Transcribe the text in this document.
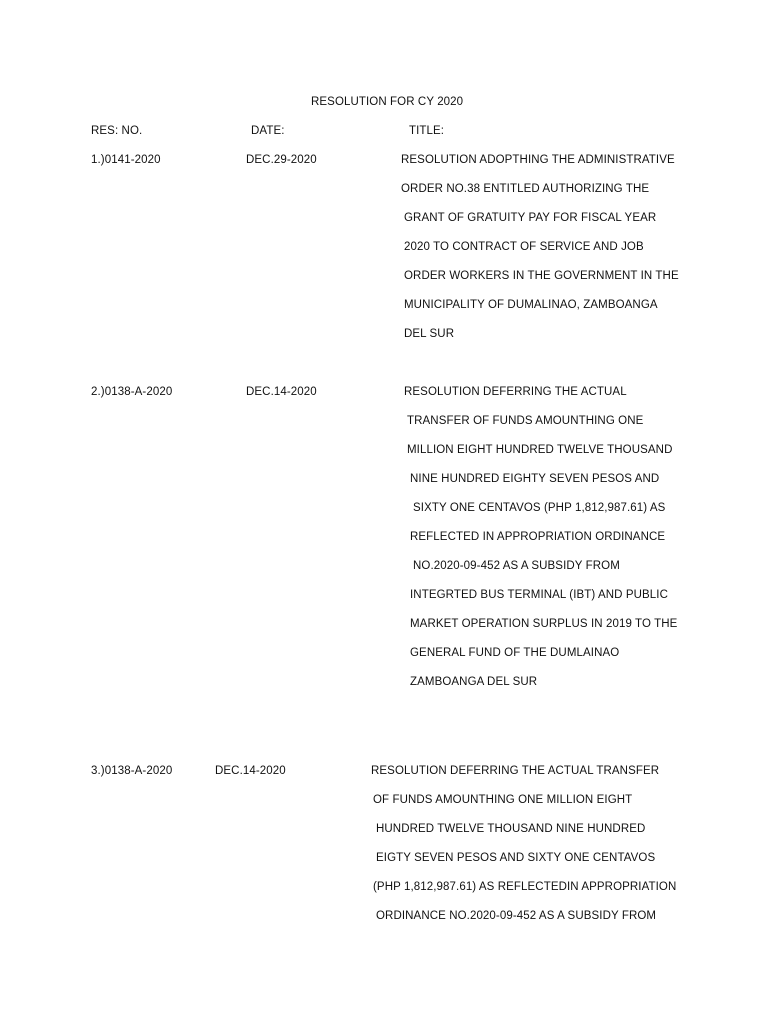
RESOLUTION FOR CY 2020
RES: NO.	DATE:	TITLE:
1.)0141-2020	DEC.29-2020	RESOLUTION ADOPTHING THE ADMINISTRATIVE
ORDER NO.38 ENTITLED AUTHORIZING THE
GRANT OF GRATUITY PAY FOR FISCAL YEAR
2020 TO CONTRACT OF SERVICE AND JOB
ORDER WORKERS IN THE GOVERNMENT IN THE
MUNICIPALITY OF DUMALINAO, ZAMBOANGA
DEL SUR
2.)0138-A-2020	DEC.14-2020	RESOLUTION DEFERRING THE ACTUAL
TRANSFER OF FUNDS AMOUNTHING ONE
MILLION EIGHT HUNDRED TWELVE THOUSAND
NINE HUNDRED EIGHTY SEVEN PESOS AND
SIXTY ONE CENTAVOS (PHP 1,812,987.61) AS
REFLECTED IN APPROPRIATION ORDINANCE
NO.2020-09-452 AS A SUBSIDY FROM
INTEGRTED BUS TERMINAL (IBT) AND PUBLIC
MARKET OPERATION SURPLUS IN 2019 TO THE
GENERAL FUND OF THE DUMLAINAO
ZAMBOANGA DEL SUR
3.)0138-A-2020	DEC.14-2020	RESOLUTION DEFERRING THE ACTUAL TRANSFER
OF FUNDS AMOUNTHING ONE MILLION EIGHT
HUNDRED TWELVE THOUSAND NINE HUNDRED
EIGTY SEVEN PESOS AND SIXTY ONE CENTAVOS
(PHP 1,812,987.61) AS REFLECTEDIN APPROPRIATION
ORDINANCE NO.2020-09-452 AS A SUBSIDY FROM
